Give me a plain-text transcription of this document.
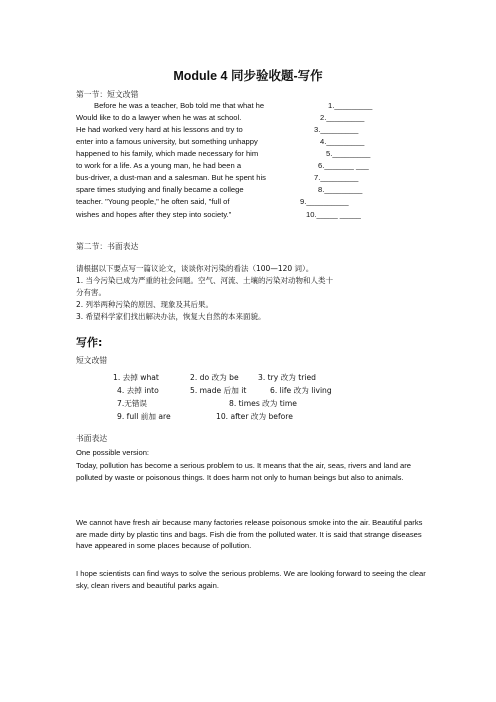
Module 4 同步验收题-写作
第一节：短文改错
Before he was a teacher, Bob told me that what he	1._________
Would like to do a lawyer when he was at school.	2._________
He had worked very hard at his lessons and try to	3._________
enter into a famous university, but something unhappy	4._________
happened to his family, which made necessary for him	5._________
to work for a life. As a young man, he had been a	6._______ ___
bus-driver, a dust-man and a salesman. But he spent his	7._________
spare times studying and finally became a college	8._________
teacher. "Young people," he often said, "full of	9.__________
wishes and hopes after they step into society."	10._____ _____
第二节：书面表达
请根据以下要点写一篇议论文，谈谈你对污染的看法（100—120 词）。
1. 当今污染已成为严重的社会问题。空气、河流、土壤的污染对动物和人类十
分有害。
2. 列举两种污染的原因、现象及其后果。
3. 希望科学家们找出解决办法，恢复大自然的本来面貌。
写作:
短文改错
1. 去掉 what	2. do 改为 be	3. try 改为 tried
4. 去掉 into	5. made 后加 it	6. life 改为 living
7.无错误	8. times 改为 time
9. full 前加 are	10. after 改为 before
书面表达
One possible version:
Today, pollution has become a serious problem to us. It means that the air, seas, rivers and land are polluted by waste or poisonous things. It does harm not only to human beings but also to animals.
We cannot have fresh air because many factories release poisonous smoke into the air. Beautiful parks are made dirty by plastic tins and bags. Fish die from the polluted water. It is said that strange diseases have appeared in some places because of pollution.
I hope scientists can find ways to solve the serious problems. We are looking forward to seeing the clear sky, clean rivers and beautiful parks again.
